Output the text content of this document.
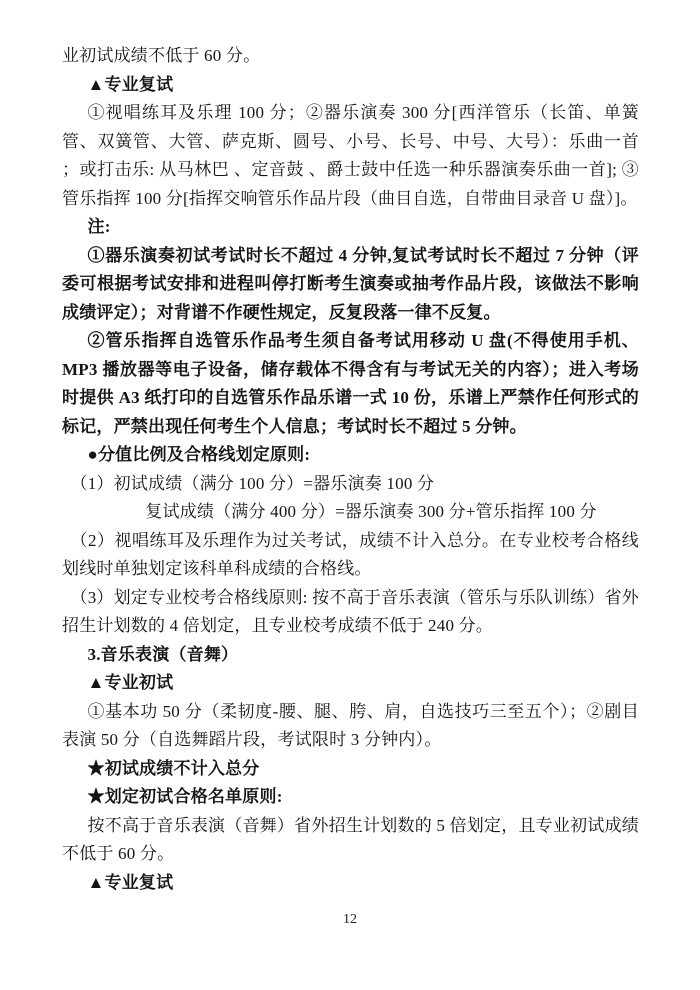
业初试成绩不低于 60 分。

▲专业复试

①视唱练耳及乐理 100 分；②器乐演奏 300 分[西洋管乐（长笛、单簧管、双簧管、大管、萨克斯、圆号、小号、长号、中号、大号）：乐曲一首 ；或打击乐: 从马林巴 、定音鼓 、爵士鼓中任选一种乐器演奏乐曲一首]; ③管乐指挥 100 分[指挥交响管乐作品片段（曲目自选，自带曲目录音 U 盘）]。

注:

①器乐演奏初试考试时长不超过 4 分钟,复试考试时长不超过 7 分钟（评委可根据考试安排和进程叫停打断考生演奏或抽考作品片段，该做法不影响成绩评定）；对背谱不作硬性规定，反复段落一律不反复。

②管乐指挥自选管乐作品考生须自备考试用移动 U 盘(不得使用手机、MP3 播放器等电子设备，储存载体不得含有与考试无关的内容）；进入考场时提供 A3 纸打印的自选管乐作品乐谱一式 10 份，乐谱上严禁作任何形式的标记，严禁出现任何考生个人信息；考试时长不超过 5 分钟。

●分值比例及合格线划定原则:

（1）初试成绩（满分 100 分）=器乐演奏 100 分

复试成绩（满分 400 分）=器乐演奏 300 分+管乐指挥 100 分

（2）视唱练耳及乐理作为过关考试，成绩不计入总分。在专业校考合格线划线时单独划定该科单科成绩的合格线。

（3）划定专业校考合格线原则: 按不高于音乐表演（管乐与乐队训练）省外招生计划数的 4 倍划定，且专业校考成绩不低于 240 分。

3.音乐表演（音舞）

▲专业初试

①基本功 50 分（柔韧度-腰、腿、胯、肩，自选技巧三至五个）；②剧目表演 50 分（自选舞蹈片段，考试限时 3 分钟内）。

★初试成绩不计入总分

★划定初试合格名单原则:

按不高于音乐表演（音舞）省外招生计划数的 5 倍划定，且专业初试成绩不低于 60 分。

▲专业复试

12
